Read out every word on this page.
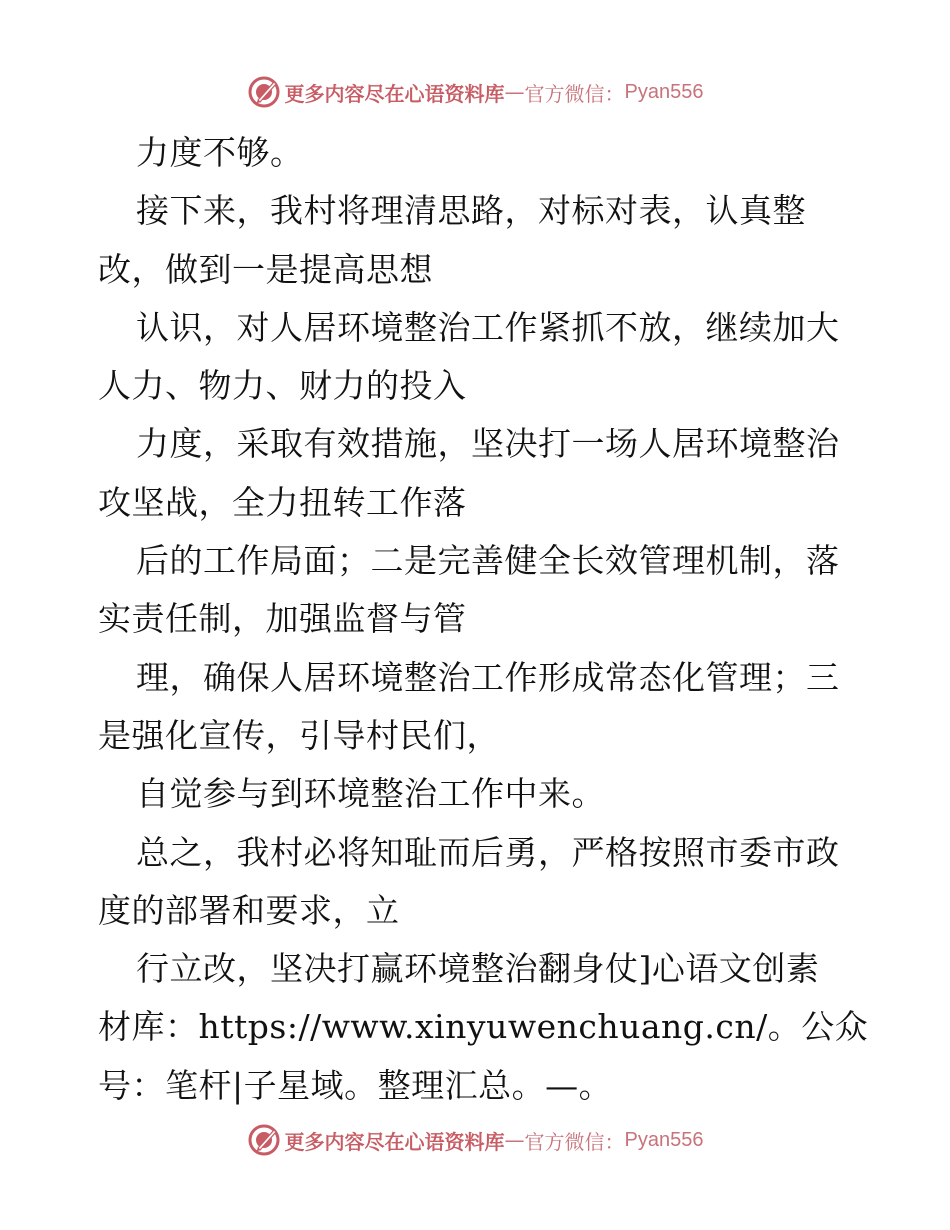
更多内容尽在心语资料库 — 官方微信： Pyan556
力度不够。
接下来，我村将理清思路，对标对表，认真整
改，做到一是提高思想
认识，对人居环境整治工作紧抓不放，继续加大
人力、物力、财力的投入
力度，采取有效措施，坚决打一场人居环境整治
攻坚战，全力扭转工作落
后的工作局面；二是完善健全长效管理机制，落
实责任制，加强监督与管
理，确保人居环境整治工作形成常态化管理；三
是强化宣传，引导村民们，
自觉参与到环境整治工作中来。
总之，我村必将知耻而后勇，严格按照市委市政
度的部署和要求，立
行立改，坚决打赢环境整治翻身仗]心语文创素
材库：https://www.xinyuwenchuang.cn/。公众
号：笔杆|子星域。整理汇总。—。
更多内容尽在心语资料库 — 官方微信： Pyan556
